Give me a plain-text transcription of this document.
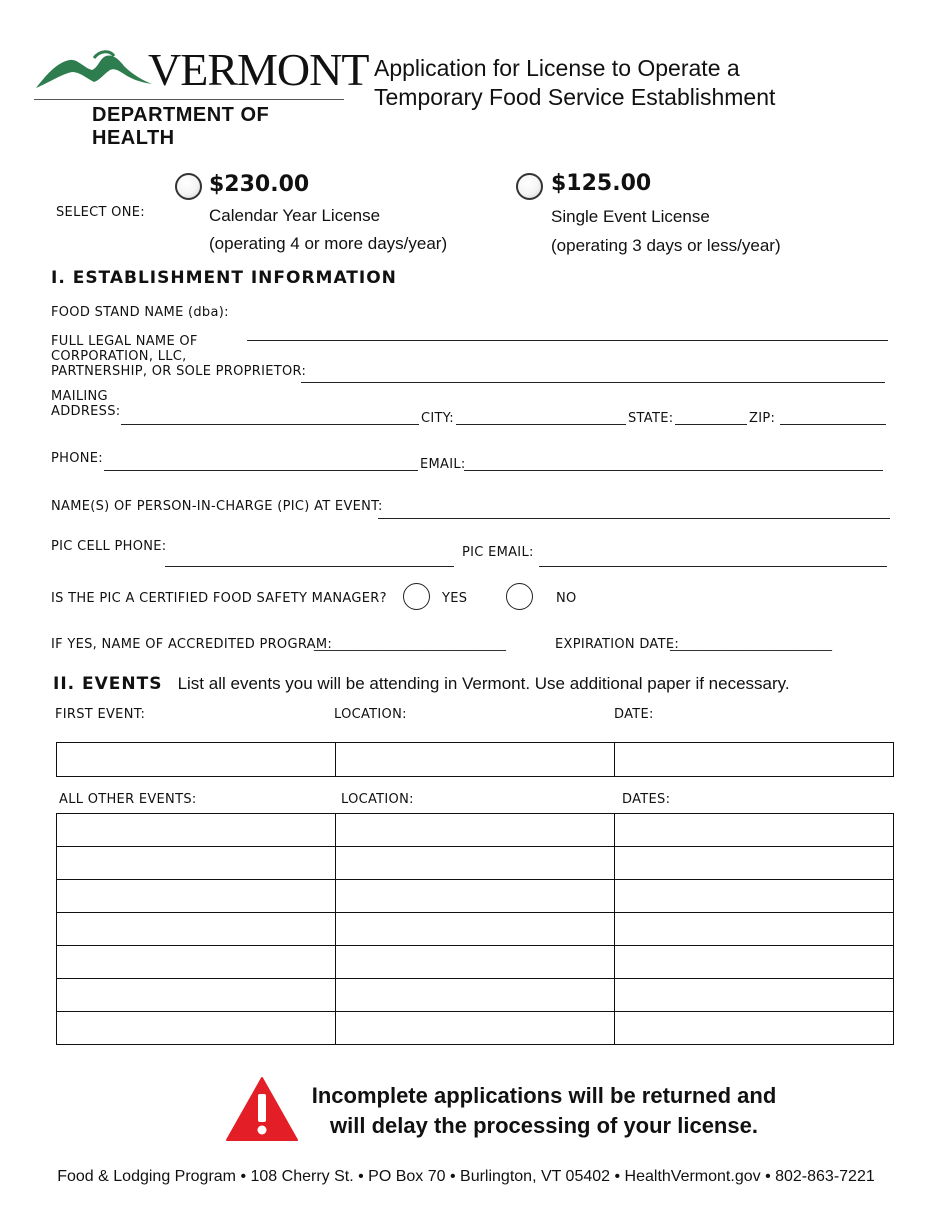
VERMONT
DEPARTMENT OF HEALTH
Application for License to Operate a
Temporary Food Service Establishment
SELECT ONE:
$230.00
Calendar Year License
(operating 4 or more days/year)
$125.00
Single Event License
(operating 3 days or less/year)
I. ESTABLISHMENT INFORMATION
FOOD STAND NAME (dba):
FULL LEGAL NAME OF
CORPORATION, LLC,
PARTNERSHIP, OR SOLE PROPRIETOR:
MAILING
ADDRESS:	CITY:	STATE:	ZIP:
PHONE:	EMAIL:
NAME(S) OF PERSON-IN-CHARGE (PIC) AT EVENT:
PIC CELL PHONE:	PIC EMAIL:
IS THE PIC A CERTIFIED FOOD SAFETY MANAGER?	YES	NO
IF YES, NAME OF ACCREDITED PROGRAM:
________________________________	EXPIRATION DATE:
___________________________
II. EVENTS List all events you will be attending in Vermont. Use additional paper if necessary.
FIRST EVENT:	LOCATION:	DATE:

ALL OTHER EVENTS:	LOCATION:	DATES:

Incomplete applications will be returned and
will delay the processing of your license.
Food & Lodging Program • 108 Cherry St. • PO Box 70 • Burlington, VT 05402 • HealthVermont.gov • 802-863-7221
